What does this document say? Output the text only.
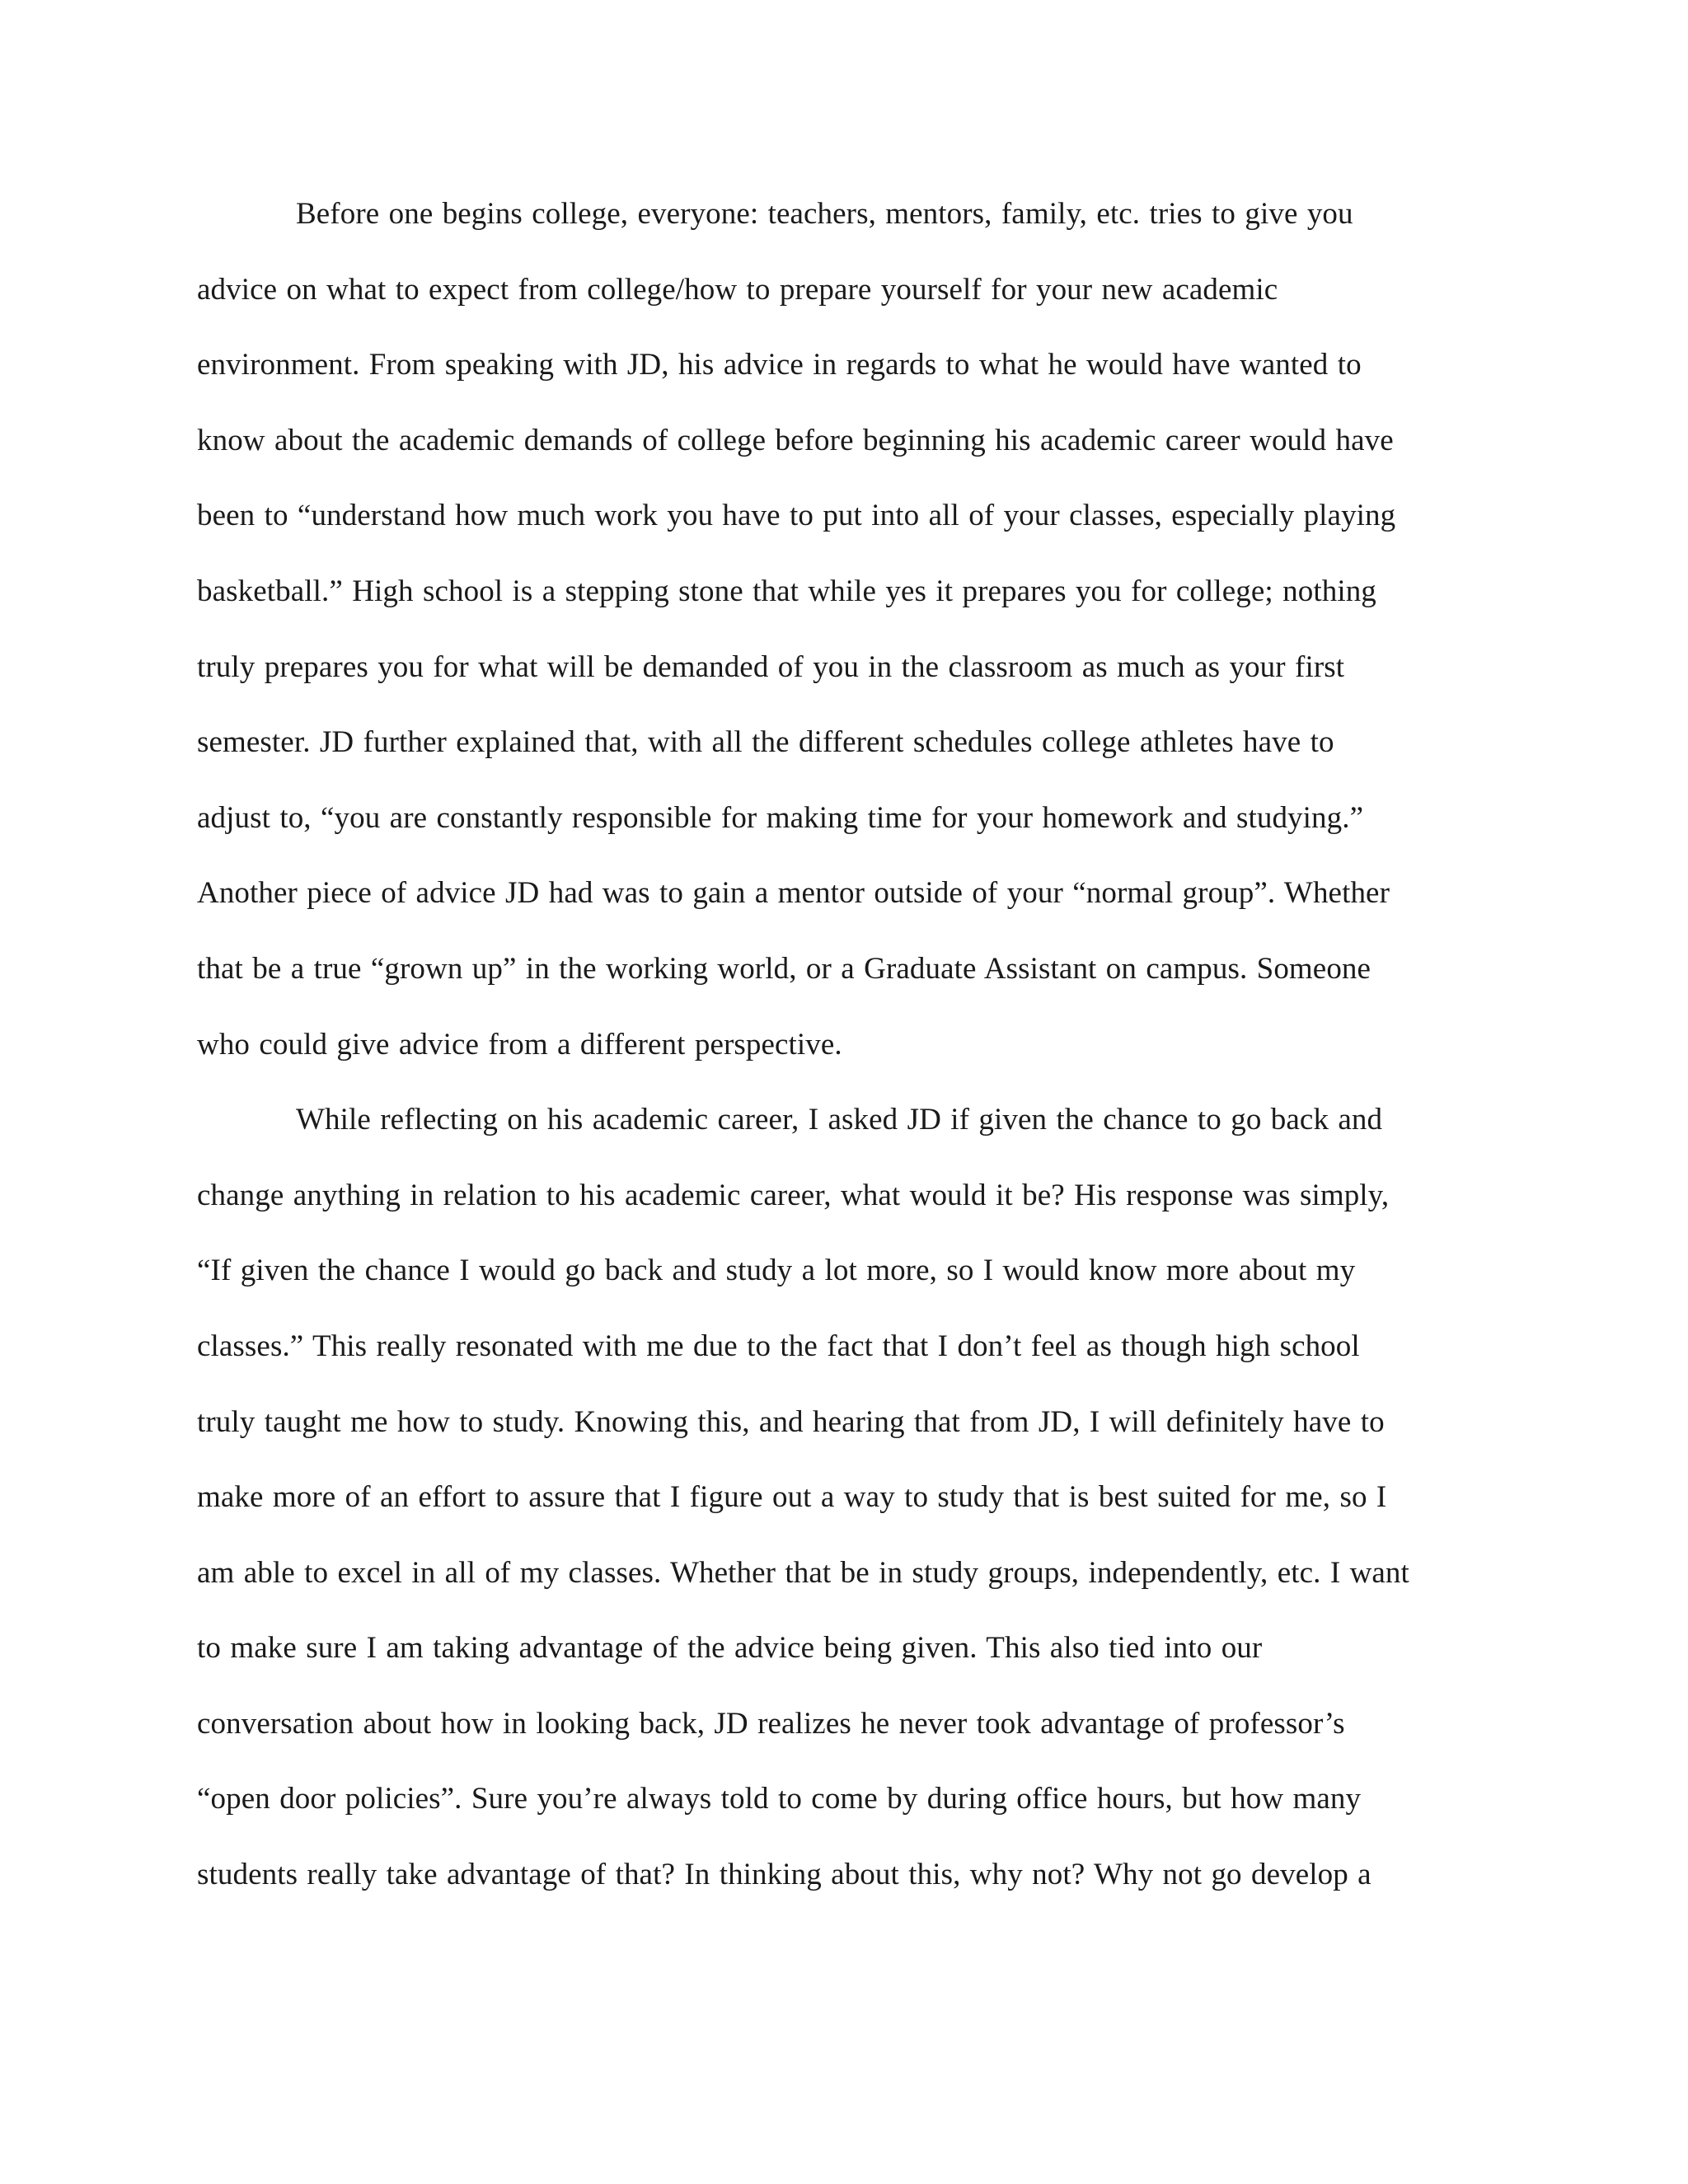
Before one begins college, everyone: teachers, mentors, family, etc. tries to give you
advice on what to expect from college/how to prepare yourself for your new academic
environment. From speaking with JD, his advice in regards to what he would have wanted to
know about the academic demands of college before beginning his academic career would have
been to “understand how much work you have to put into all of your classes, especially playing
basketball.” High school is a stepping stone that while yes it prepares you for college; nothing
truly prepares you for what will be demanded of you in the classroom as much as your first
semester. JD further explained that, with all the different schedules college athletes have to
adjust to, “you are constantly responsible for making time for your homework and studying.”
Another piece of advice JD had was to gain a mentor outside of your “normal group”. Whether
that be a true “grown up” in the working world, or a Graduate Assistant on campus. Someone
who could give advice from a different perspective.
While reflecting on his academic career, I asked JD if given the chance to go back and
change anything in relation to his academic career, what would it be? His response was simply,
“If given the chance I would go back and study a lot more, so I would know more about my
classes.” This really resonated with me due to the fact that I don’t feel as though high school
truly taught me how to study. Knowing this, and hearing that from JD, I will definitely have to
make more of an effort to assure that I figure out a way to study that is best suited for me, so I
am able to excel in all of my classes. Whether that be in study groups, independently, etc. I want
to make sure I am taking advantage of the advice being given. This also tied into our
conversation about how in looking back, JD realizes he never took advantage of professor’s
“open door policies”. Sure you’re always told to come by during office hours, but how many
students really take advantage of that? In thinking about this, why not? Why not go develop a
